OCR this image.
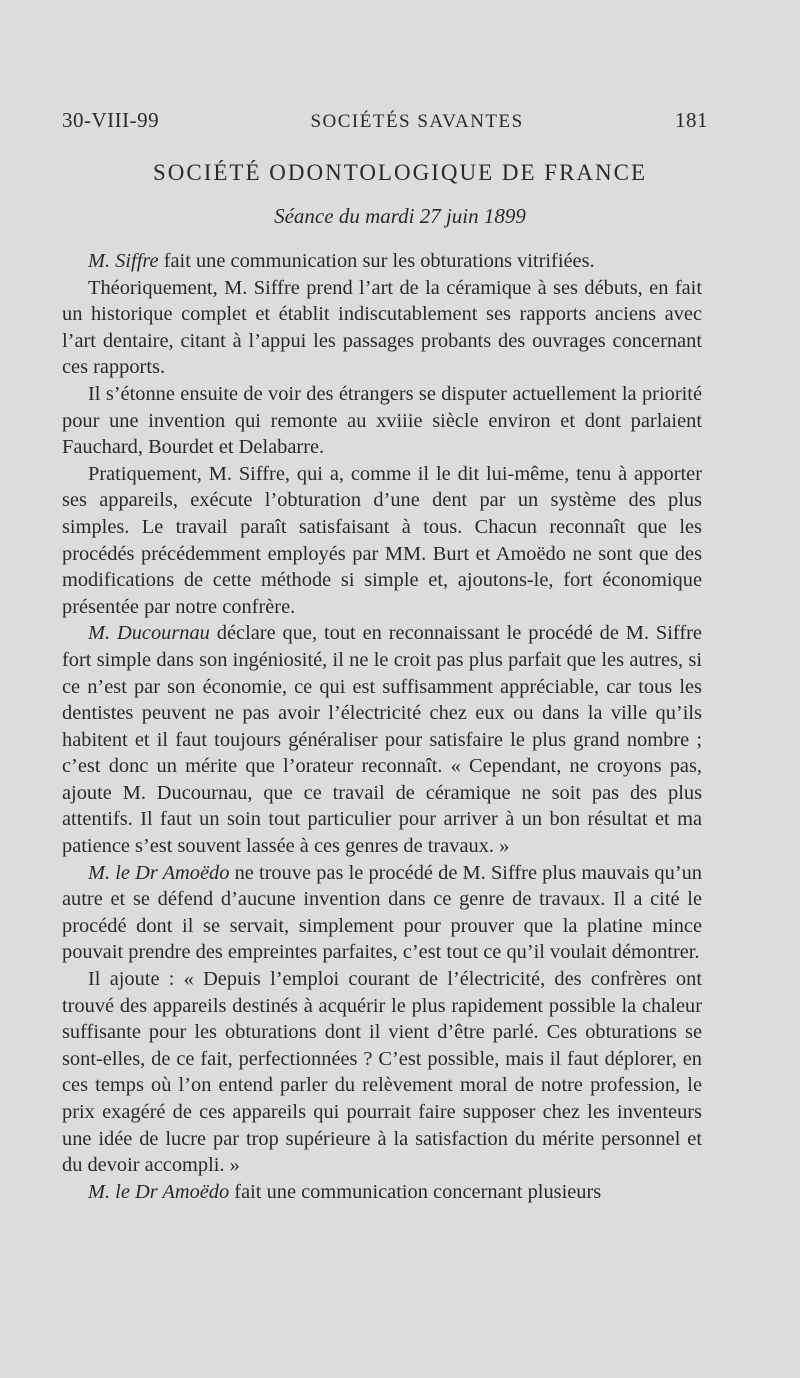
30-VIII-99	SOCIÉTÉS SAVANTES	181
SOCIÉTÉ ODONTOLOGIQUE DE FRANCE
Séance du mardi 27 juin 1899

M. Siffre fait une communication sur les obturations vitrifiées.

Théoriquement, M. Siffre prend l’art de la céramique à ses débuts, en fait un historique complet et établit indiscutablement ses rapports anciens avec l’art dentaire, citant à l’appui les passages probants des ouvrages concernant ces rapports.

Il s’étonne ensuite de voir des étrangers se disputer actuellement la priorité pour une invention qui remonte au xviiie siècle environ et dont parlaient Fauchard, Bourdet et Delabarre.

Pratiquement, M. Siffre, qui a, comme il le dit lui-même, tenu à apporter ses appareils, exécute l’obturation d’une dent par un système des plus simples. Le travail paraît satisfaisant à tous. Chacun reconnaît que les procédés précédemment employés par MM. Burt et Amoëdo ne sont que des modifications de cette méthode si simple et, ajoutons-le, fort économique présentée par notre confrère.

M. Ducournau déclare que, tout en reconnaissant le procédé de M. Siffre fort simple dans son ingéniosité, il ne le croit pas plus parfait que les autres, si ce n’est par son économie, ce qui est suffisamment appréciable, car tous les dentistes peuvent ne pas avoir l’électricité chez eux ou dans la ville qu’ils habitent et il faut toujours généraliser pour satisfaire le plus grand nombre ; c’est donc un mérite que l’orateur reconnaît. « Cependant, ne croyons pas, ajoute M. Ducournau, que ce travail de céramique ne soit pas des plus attentifs. Il faut un soin tout particulier pour arriver à un bon résultat et ma patience s’est souvent lassée à ces genres de travaux. »

M. le Dr Amoëdo ne trouve pas le procédé de M. Siffre plus mauvais qu’un autre et se défend d’aucune invention dans ce genre de travaux. Il a cité le procédé dont il se servait, simplement pour prouver que la platine mince pouvait prendre des empreintes parfaites, c’est tout ce qu’il voulait démontrer.

Il ajoute : « Depuis l’emploi courant de l’électricité, des confrères ont trouvé des appareils destinés à acquérir le plus rapidement possible la chaleur suffisante pour les obturations dont il vient d’être parlé. Ces obturations se sont-elles, de ce fait, perfectionnées ? C’est possible, mais il faut déplorer, en ces temps où l’on entend parler du relèvement moral de notre profession, le prix exagéré de ces appareils qui pourrait faire supposer chez les inventeurs une idée de lucre par trop supérieure à la satisfaction du mérite personnel et du devoir accompli. »

M. le Dr Amoëdo fait une communication concernant plusieurs
